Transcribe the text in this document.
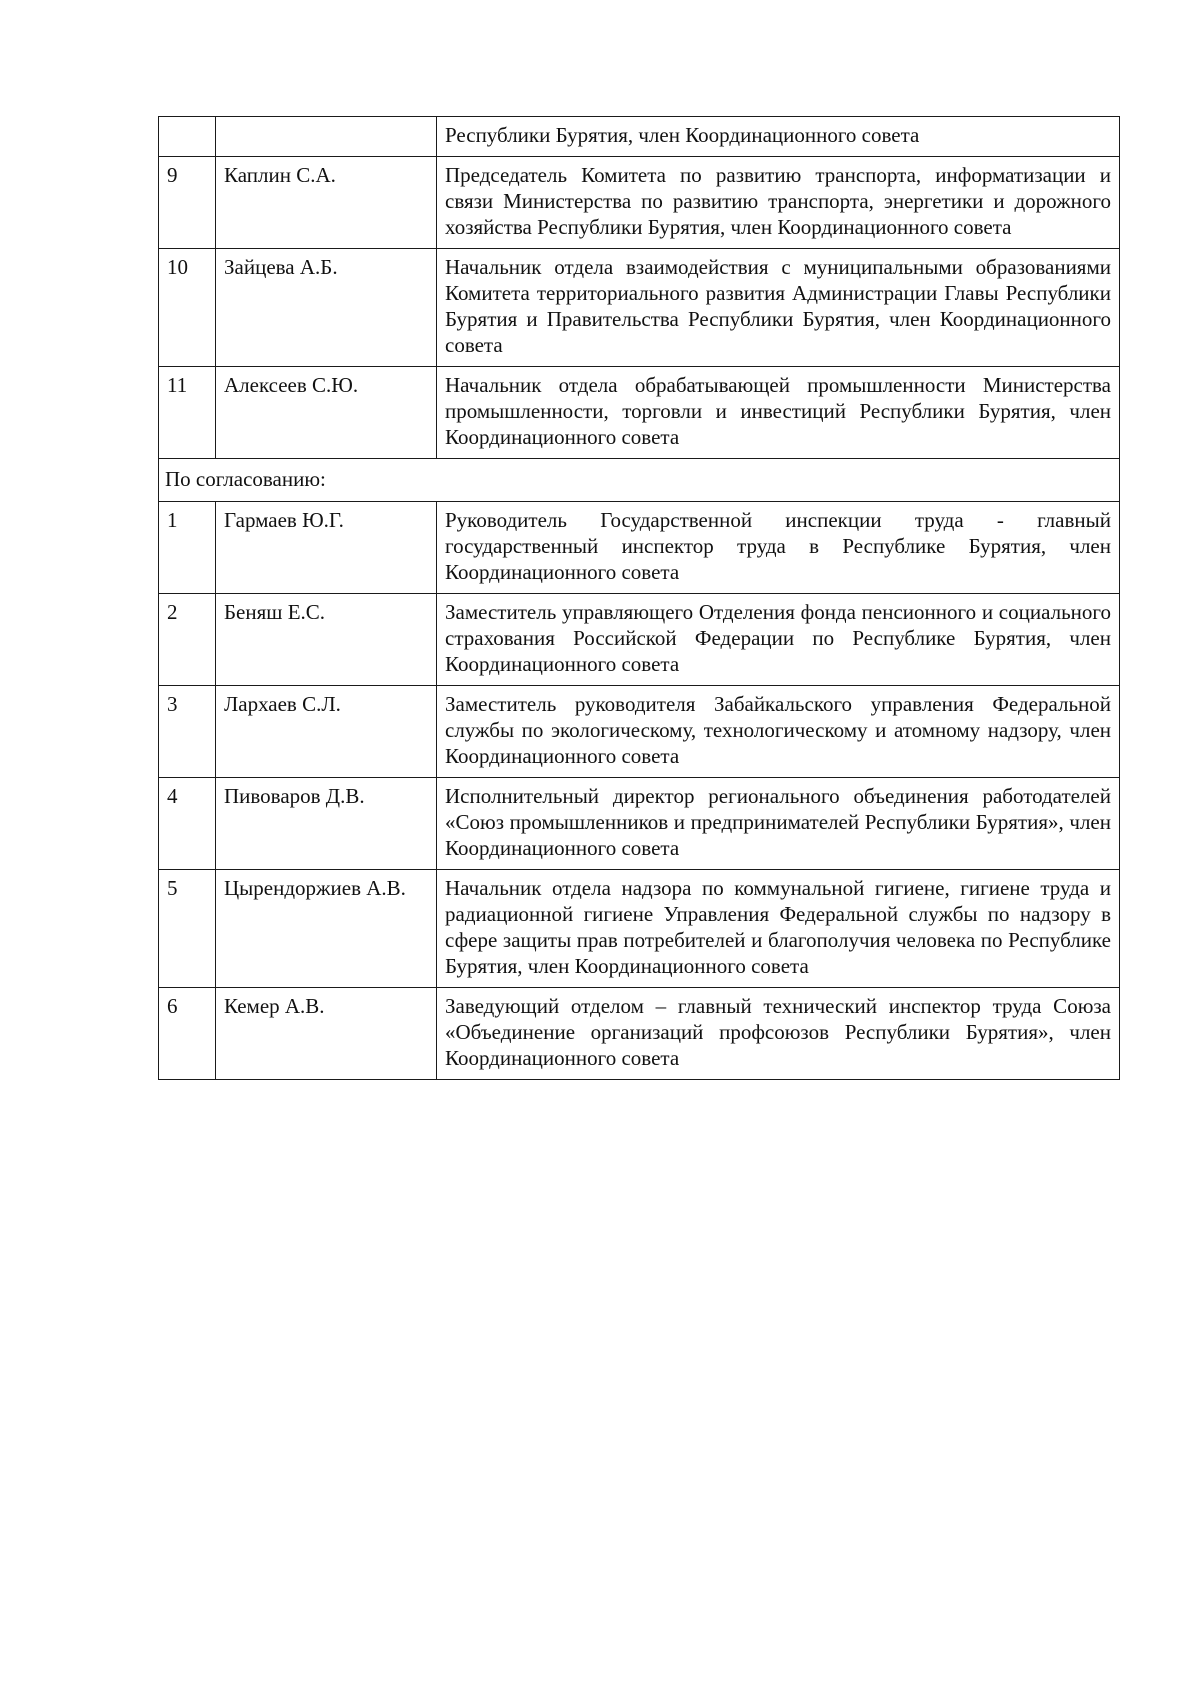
		Республики Бурятия, член Координационного совета
9	Каплин С.А.	Председатель Комитета по развитию транспорта, информатизации и связи Министерства по развитию транспорта, энергетики и дорожного хозяйства Республики Бурятия, член Координационного совета
10	Зайцева А.Б.	Начальник отдела взаимодействия с муниципальными образованиями Комитета территориального развития Администрации Главы Республики Бурятия и Правительства Республики Бурятия, член Координационного совета
11	Алексеев С.Ю.	Начальник отдела обрабатывающей промышленности Министерства промышленности, торговли и инвестиций Республики Бурятия, член Координационного совета
По согласованию:		
1	Гармаев Ю.Г.	Руководитель Государственной инспекции труда - главный государственный инспектор труда в Республике Бурятия, член Координационного совета
2	Беняш Е.С.	Заместитель управляющего Отделения фонда пенсионного и социального страхования Российской Федерации по Республике Бурятия, член Координационного совета
3	Лархаев С.Л.	Заместитель руководителя Забайкальского управления Федеральной службы по экологическому, технологическому и атомному надзору, член Координационного совета
4	Пивоваров Д.В.	Исполнительный директор регионального объединения работодателей «Союз промышленников и предпринимателей Республики Бурятия», член Координационного совета
5	Цырендоржиев А.В.	Начальник отдела надзора по коммунальной гигиене, гигиене труда и радиационной гигиене Управления Федеральной службы по надзору в сфере защиты прав потребителей и благополучия человека по Республике Бурятия, член Координационного совета
6	Кемер А.В.	Заведующий отделом – главный технический инспектор труда Союза «Объединение организаций профсоюзов Республики Бурятия», член Координационного совета
